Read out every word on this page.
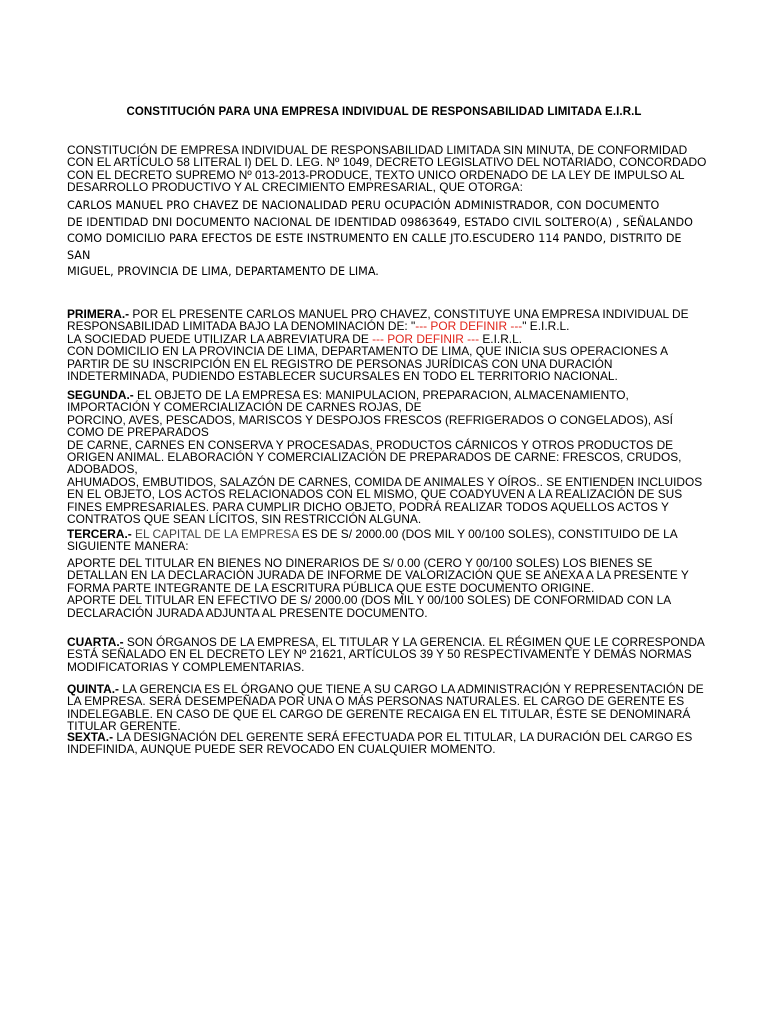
CONSTITUCIÓN PARA UNA EMPRESA INDIVIDUAL DE RESPONSABILIDAD LIMITADA E.I.R.L
CONSTITUCIÓN DE EMPRESA INDIVIDUAL DE RESPONSABILIDAD LIMITADA SIN MINUTA, DE CONFORMIDAD
CON EL ARTÍCULO 58 LITERAL I) DEL D. LEG. Nº 1049, DECRETO LEGISLATIVO DEL NOTARIADO, CONCORDADO
CON EL DECRETO SUPREMO Nº 013-2013-PRODUCE, TEXTO UNICO ORDENADO DE LA LEY DE IMPULSO AL
DESARROLLO PRODUCTIVO Y AL CRECIMIENTO EMPRESARIAL, QUE OTORGA:
CARLOS MANUEL PRO CHAVEZ DE NACIONALIDAD PERU OCUPACIÓN ADMINISTRADOR, CON DOCUMENTO
DE IDENTIDAD DNI DOCUMENTO NACIONAL DE IDENTIDAD 09863649, ESTADO CIVIL SOLTERO(A) , SEÑALANDO
COMO DOMICILIO PARA EFECTOS DE ESTE INSTRUMENTO EN CALLE JTO.ESCUDERO 114 PANDO, DISTRITO DE SAN
MIGUEL, PROVINCIA DE LIMA, DEPARTAMENTO DE LIMA.
PRIMERA.- POR EL PRESENTE CARLOS MANUEL PRO CHAVEZ, CONSTITUYE UNA EMPRESA INDIVIDUAL DE
RESPONSABILIDAD LIMITADA BAJO LA DENOMINACIÓN DE: "--- POR DEFINIR ---" E.I.R.L.
LA SOCIEDAD PUEDE UTILIZAR LA ABREVIATURA DE --- POR DEFINIR --- E.I.R.L.
CON DOMICILIO EN LA PROVINCIA DE LIMA, DEPARTAMENTO DE LIMA, QUE INICIA SUS OPERACIONES A
PARTIR DE SU INSCRIPCIÓN EN EL REGISTRO DE PERSONAS JURÍDICAS CON UNA DURACIÓN
INDETERMINADA, PUDIENDO ESTABLECER SUCURSALES EN TODO EL TERRITORIO NACIONAL.
SEGUNDA.- EL OBJETO DE LA EMPRESA ES: MANIPULACION, PREPARACION, ALMACENAMIENTO,
IMPORTACIÓN Y COMERCIALIZACIÓN DE CARNES ROJAS, DE
PORCINO, AVES, PESCADOS, MARISCOS Y DESPOJOS FRESCOS (REFRIGERADOS O CONGELADOS), ASÍ
COMO DE PREPARADOS
DE CARNE, CARNES EN CONSERVA Y PROCESADAS, PRODUCTOS CÁRNICOS Y OTROS PRODUCTOS DE
ORIGEN ANIMAL. ELABORACIÓN Y COMERCIALIZACIÓN DE PREPARADOS DE CARNE: FRESCOS, CRUDOS,
ADOBADOS,
AHUMADOS, EMBUTIDOS, SALAZÓN DE CARNES, COMIDA DE ANIMALES Y OÍROS.. SE ENTIENDEN INCLUIDOS
EN EL OBJETO, LOS ACTOS RELACIONADOS CON EL MISMO, QUE COADYUVEN A LA REALIZACIÓN DE SUS
FINES EMPRESARIALES. PARA CUMPLIR DICHO OBJETO, PODRÁ REALIZAR TODOS AQUELLOS ACTOS Y
CONTRATOS QUE SEAN LÍCITOS, SIN RESTRICCIÓN ALGUNA.
TERCERA.- EL CAPITAL DE LA EMPRESA ES DE S/ 2000.00 (DOS MIL Y 00/100 SOLES), CONSTITUIDO DE LA
SIGUIENTE MANERA:
APORTE DEL TITULAR EN BIENES NO DINERARIOS DE S/ 0.00 (CERO Y 00/100 SOLES) LOS BIENES SE
DETALLAN EN LA DECLARACIÓN JURADA DE INFORME DE VALORIZACIÓN QUE SE ANEXA A LA PRESENTE Y
FORMA PARTE INTEGRANTE DE LA ESCRITURA PÚBLICA QUE ESTE DOCUMENTO ORIGINE.
APORTE DEL TITULAR EN EFECTIVO DE S/ 2000.00 (DOS MIL Y 00/100 SOLES) DE CONFORMIDAD CON LA
DECLARACIÓN JURADA ADJUNTA AL PRESENTE DOCUMENTO.
CUARTA.- SON ÓRGANOS DE LA EMPRESA, EL TITULAR Y LA GERENCIA. EL RÉGIMEN QUE LE CORRESPONDA
ESTÁ SEÑALADO EN EL DECRETO LEY Nº 21621, ARTÍCULOS 39 Y 50 RESPECTIVAMENTE Y DEMÁS NORMAS
MODIFICATORIAS Y COMPLEMENTARIAS.
QUINTA.- LA GERENCIA ES EL ÓRGANO QUE TIENE A SU CARGO LA ADMINISTRACIÓN Y REPRESENTACIÓN DE
LA EMPRESA. SERÁ DESEMPEÑADA POR UNA O MÁS PERSONAS NATURALES. EL CARGO DE GERENTE ES
INDELEGABLE. EN CASO DE QUE EL CARGO DE GERENTE RECAIGA EN EL TITULAR, ÉSTE SE DENOMINARÁ
TITULAR GERENTE.
SEXTA.- LA DESIGNACIÓN DEL GERENTE SERÁ EFECTUADA POR EL TITULAR, LA DURACIÓN DEL CARGO ES
INDEFINIDA, AUNQUE PUEDE SER REVOCADO EN CUALQUIER MOMENTO.
